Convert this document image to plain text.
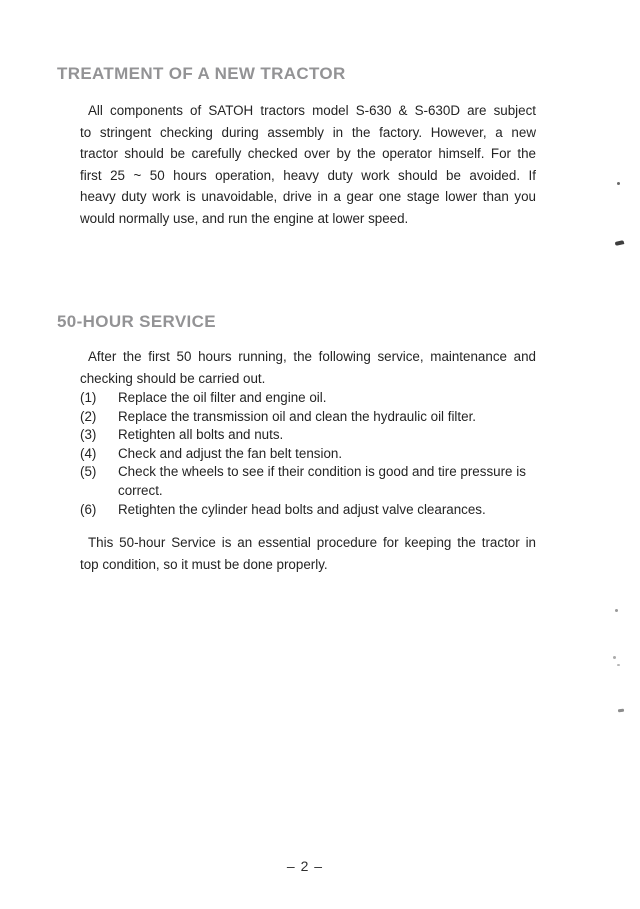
TREATMENT OF A NEW TRACTOR
All components of SATOH tractors model S-630 & S-630D are subject
to stringent checking during assembly in the factory. However, a new
tractor should be carefully checked over by the operator himself. For the
first 25 ~ 50 hours operation, heavy duty work should be avoided. If
heavy duty work is unavoidable, drive in a gear one stage lower than you
would normally use, and run the engine at lower speed.
50-HOUR SERVICE
After the first 50 hours running, the following service, maintenance and
checking should be carried out.
(1) Replace the oil filter and engine oil.
(2) Replace the transmission oil and clean the hydraulic oil filter.
(3) Retighten all bolts and nuts.
(4) Check and adjust the fan belt tension.
(5) Check the wheels to see if their condition is good and tire pressure is
correct.
(6) Retighten the cylinder head bolts and adjust valve clearances.
This 50-hour Service is an essential procedure for keeping the tractor in
top condition, so it must be done properly.
– 2 –
